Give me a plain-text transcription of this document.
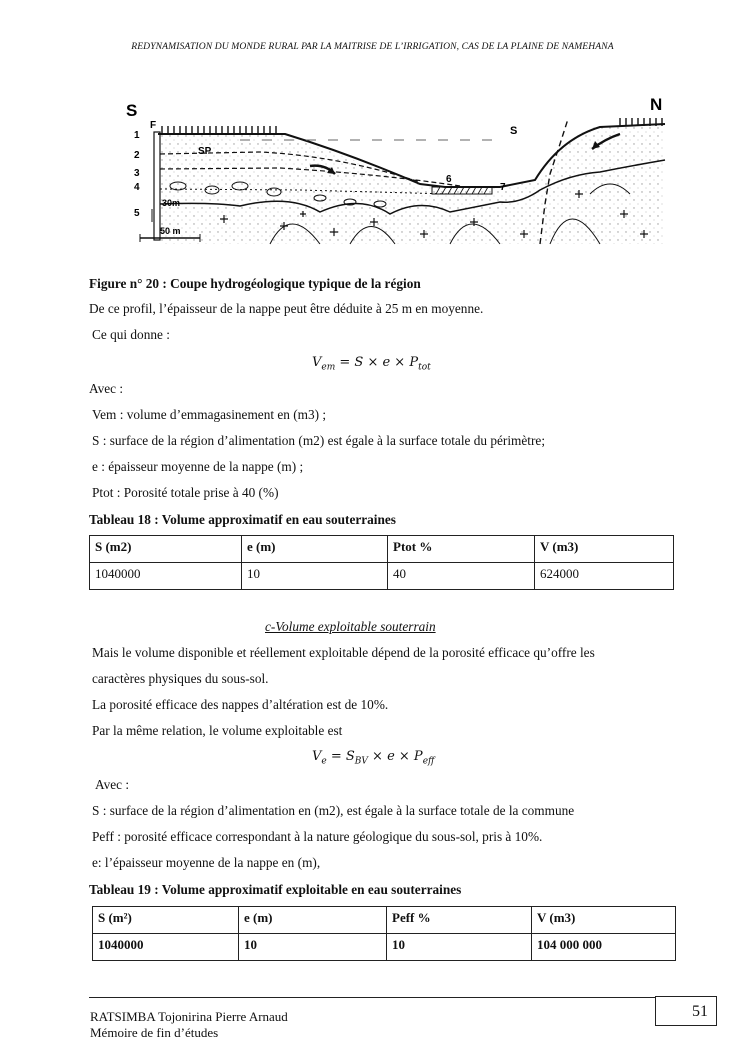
REDYNAMISATION DU MONDE RURAL PAR LA MAITRISE DE L’IRRIGATION, CAS DE LA PLAINE DE NAMEHANA
S	N
F
SP
S
1
2
3
4
5
6
7
30m
50 m
Figure n° 20 : Coupe hydrogéologique typique de la région
De ce profil, l’épaisseur de la nappe peut être déduite à 25 m en moyenne.
Ce qui donne :
$V_{em} = S \times e \times P_{tot}$
Avec :
Vem : volume d’emmagasinement en (m3) ;
S : surface de la région d’alimentation (m2) est égale à la surface totale du périmètre;
e : épaisseur moyenne de la nappe (m) ;
Ptot : Porosité totale prise à 40 (%)
Tableau 18 : Volume approximatif en eau souterraines
S (m2)	e (m)	Ptot %	V (m3)
1040000	10	40	624000
c-Volume exploitable souterrain
Mais le volume disponible et réellement exploitable dépend de la porosité efficace qu’offre les
caractères physiques du sous-sol.
La porosité efficace des nappes d’altération est de 10%.
Par la même relation, le volume exploitable est
$V_e = S_{BV} \times e \times P_{eff}$
Avec :
S : surface de la région d’alimentation en (m2), est égale à la surface totale de la commune
Peff : porosité efficace correspondant à la nature géologique du sous-sol, pris à 10%.
e: l’épaisseur moyenne de la nappe en (m),
Tableau 19 : Volume approximatif exploitable en eau souterraines
S (m²)	e (m)	Peff %	V (m3)
1040000	10	10	104 000 000
RATSIMBA Tojonirina Pierre Arnaud
Mémoire de fin d’études
51
